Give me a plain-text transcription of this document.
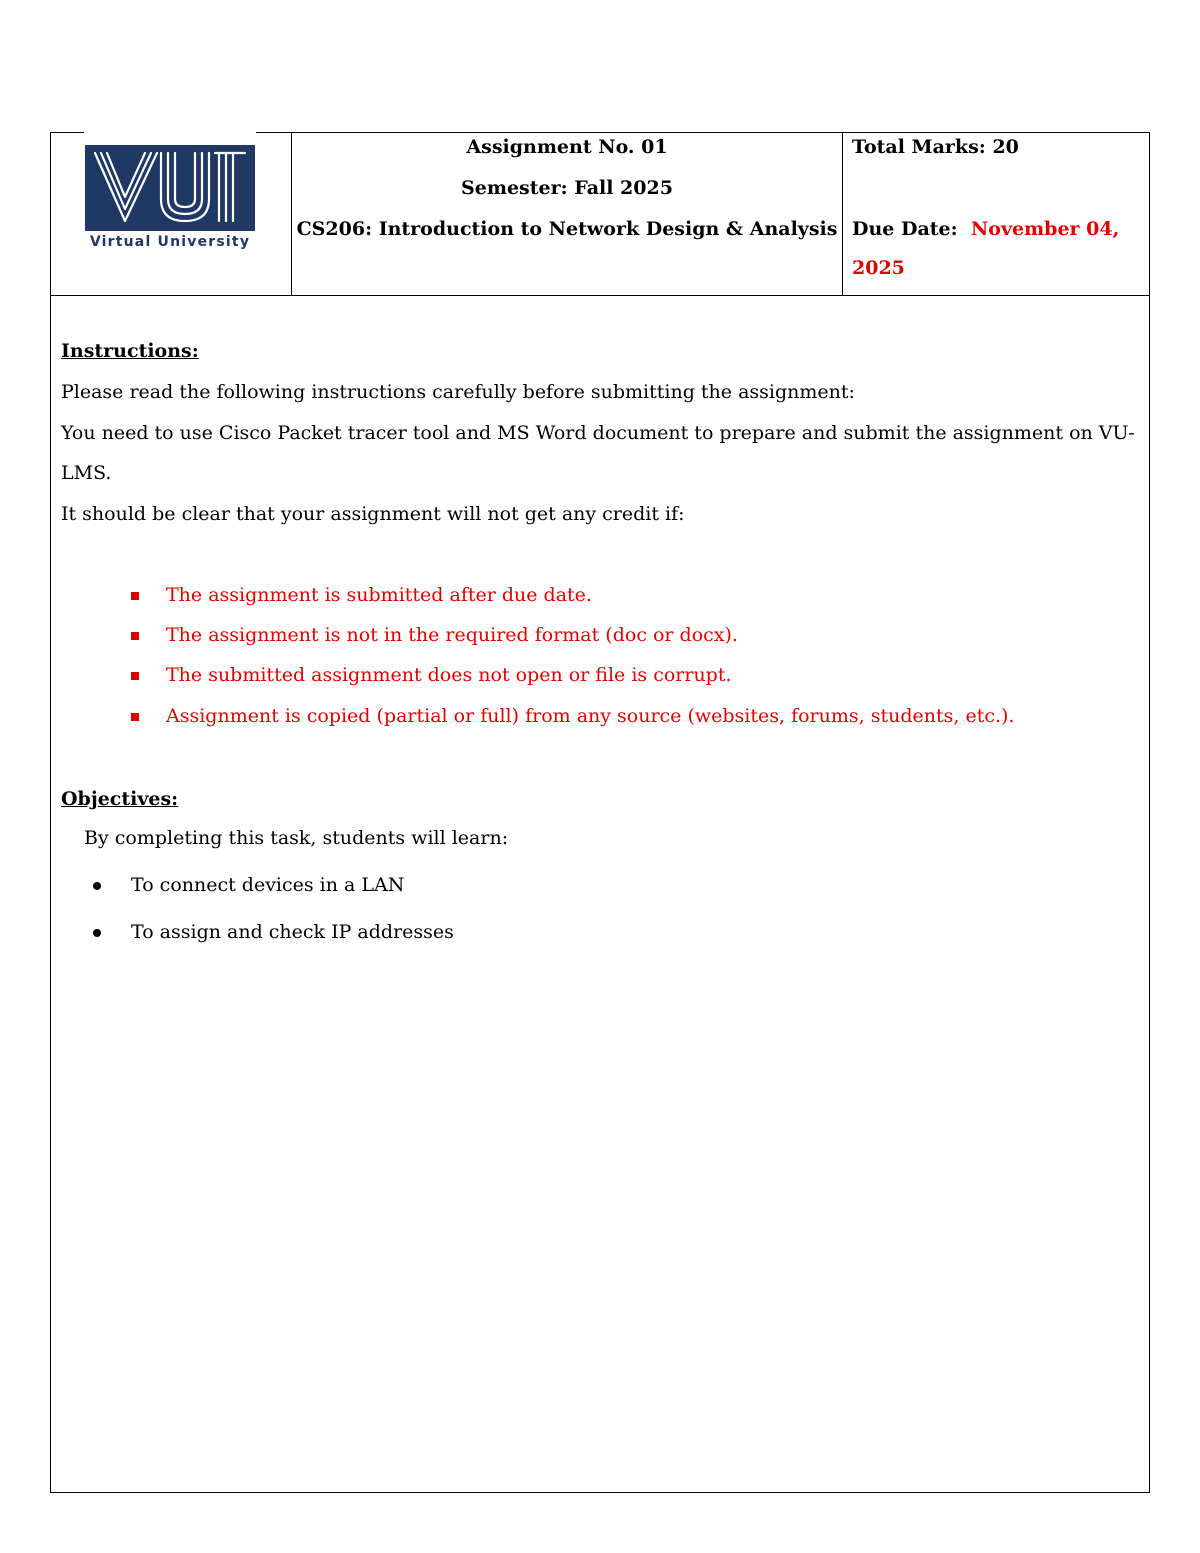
Virtual University
Assignment No. 01
Semester: Fall 2025
CS206: Introduction to Network Design & Analysis
Total Marks: 20
Due Date: November 04,
2025
Instructions:
Please read the following instructions carefully before submitting the assignment:
You need to use Cisco Packet tracer tool and MS Word document to prepare and submit the assignment on VU-
LMS.
It should be clear that your assignment will not get any credit if:
The assignment is submitted after due date.
The assignment is not in the required format (doc or docx).
The submitted assignment does not open or file is corrupt.
Assignment is copied (partial or full) from any source (websites, forums, students, etc.).
Objectives:
By completing this task, students will learn:
To connect devices in a LAN
To assign and check IP addresses
